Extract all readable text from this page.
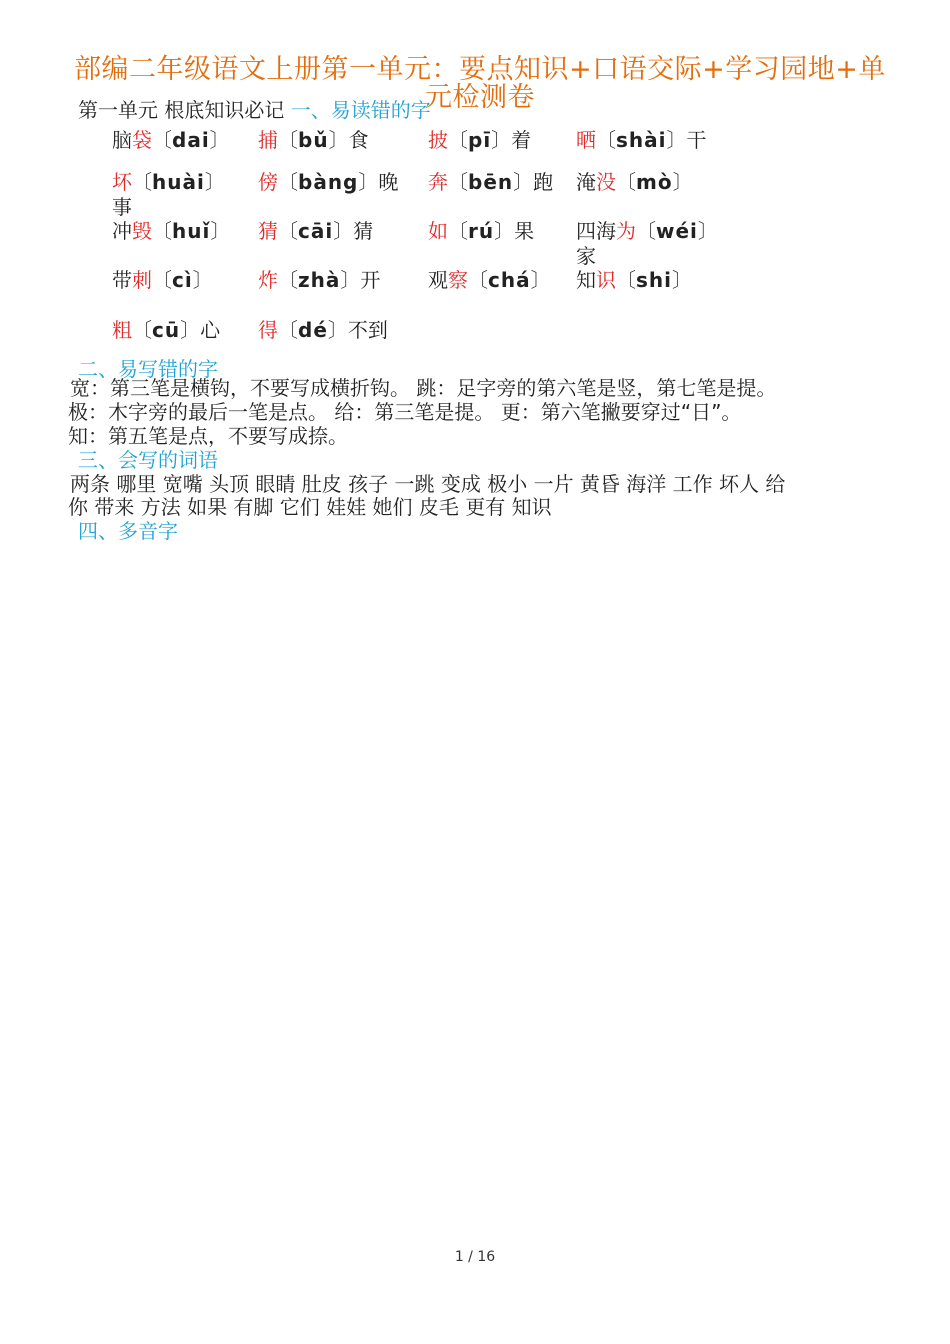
部编二年级语文上册第一单元：要点知识+口语交际+学习园地+单元检测卷
第一单元 根底知识必记 一、易读错的字
脑袋〔dai〕 捕〔bǔ〕食	披〔pī〕着 晒〔shài〕干
坏〔huài〕事
傍〔bàng〕晚 奔〔bēn〕跑 淹没〔mò〕
冲毁〔huǐ〕 猜〔cāi〕猜	如〔rú〕果 四海为〔wéi〕家
带刺〔cì〕 炸〔zhà〕开 观察〔chá〕 知识〔shi〕
粗〔cū〕心 得〔dé〕不到
二、易写错的字
宽：第三笔是横钩，不要写成横折钩。 跳：足字旁的第六笔是竖，第七笔是提。
极：木字旁的最后一笔是点。 给：第三笔是提。 更：第六笔撇要穿过“日”。
知：第五笔是点，不要写成捺。
三、会写的词语
两条 哪里 宽嘴 头顶 眼睛 肚皮 孩子 一跳 变成 极小 一片 黄昏 海洋 工作 坏人 给
你 带来 方法 如果 有脚 它们 娃娃 她们 皮毛 更有 知识
四、多音字
1 / 16
